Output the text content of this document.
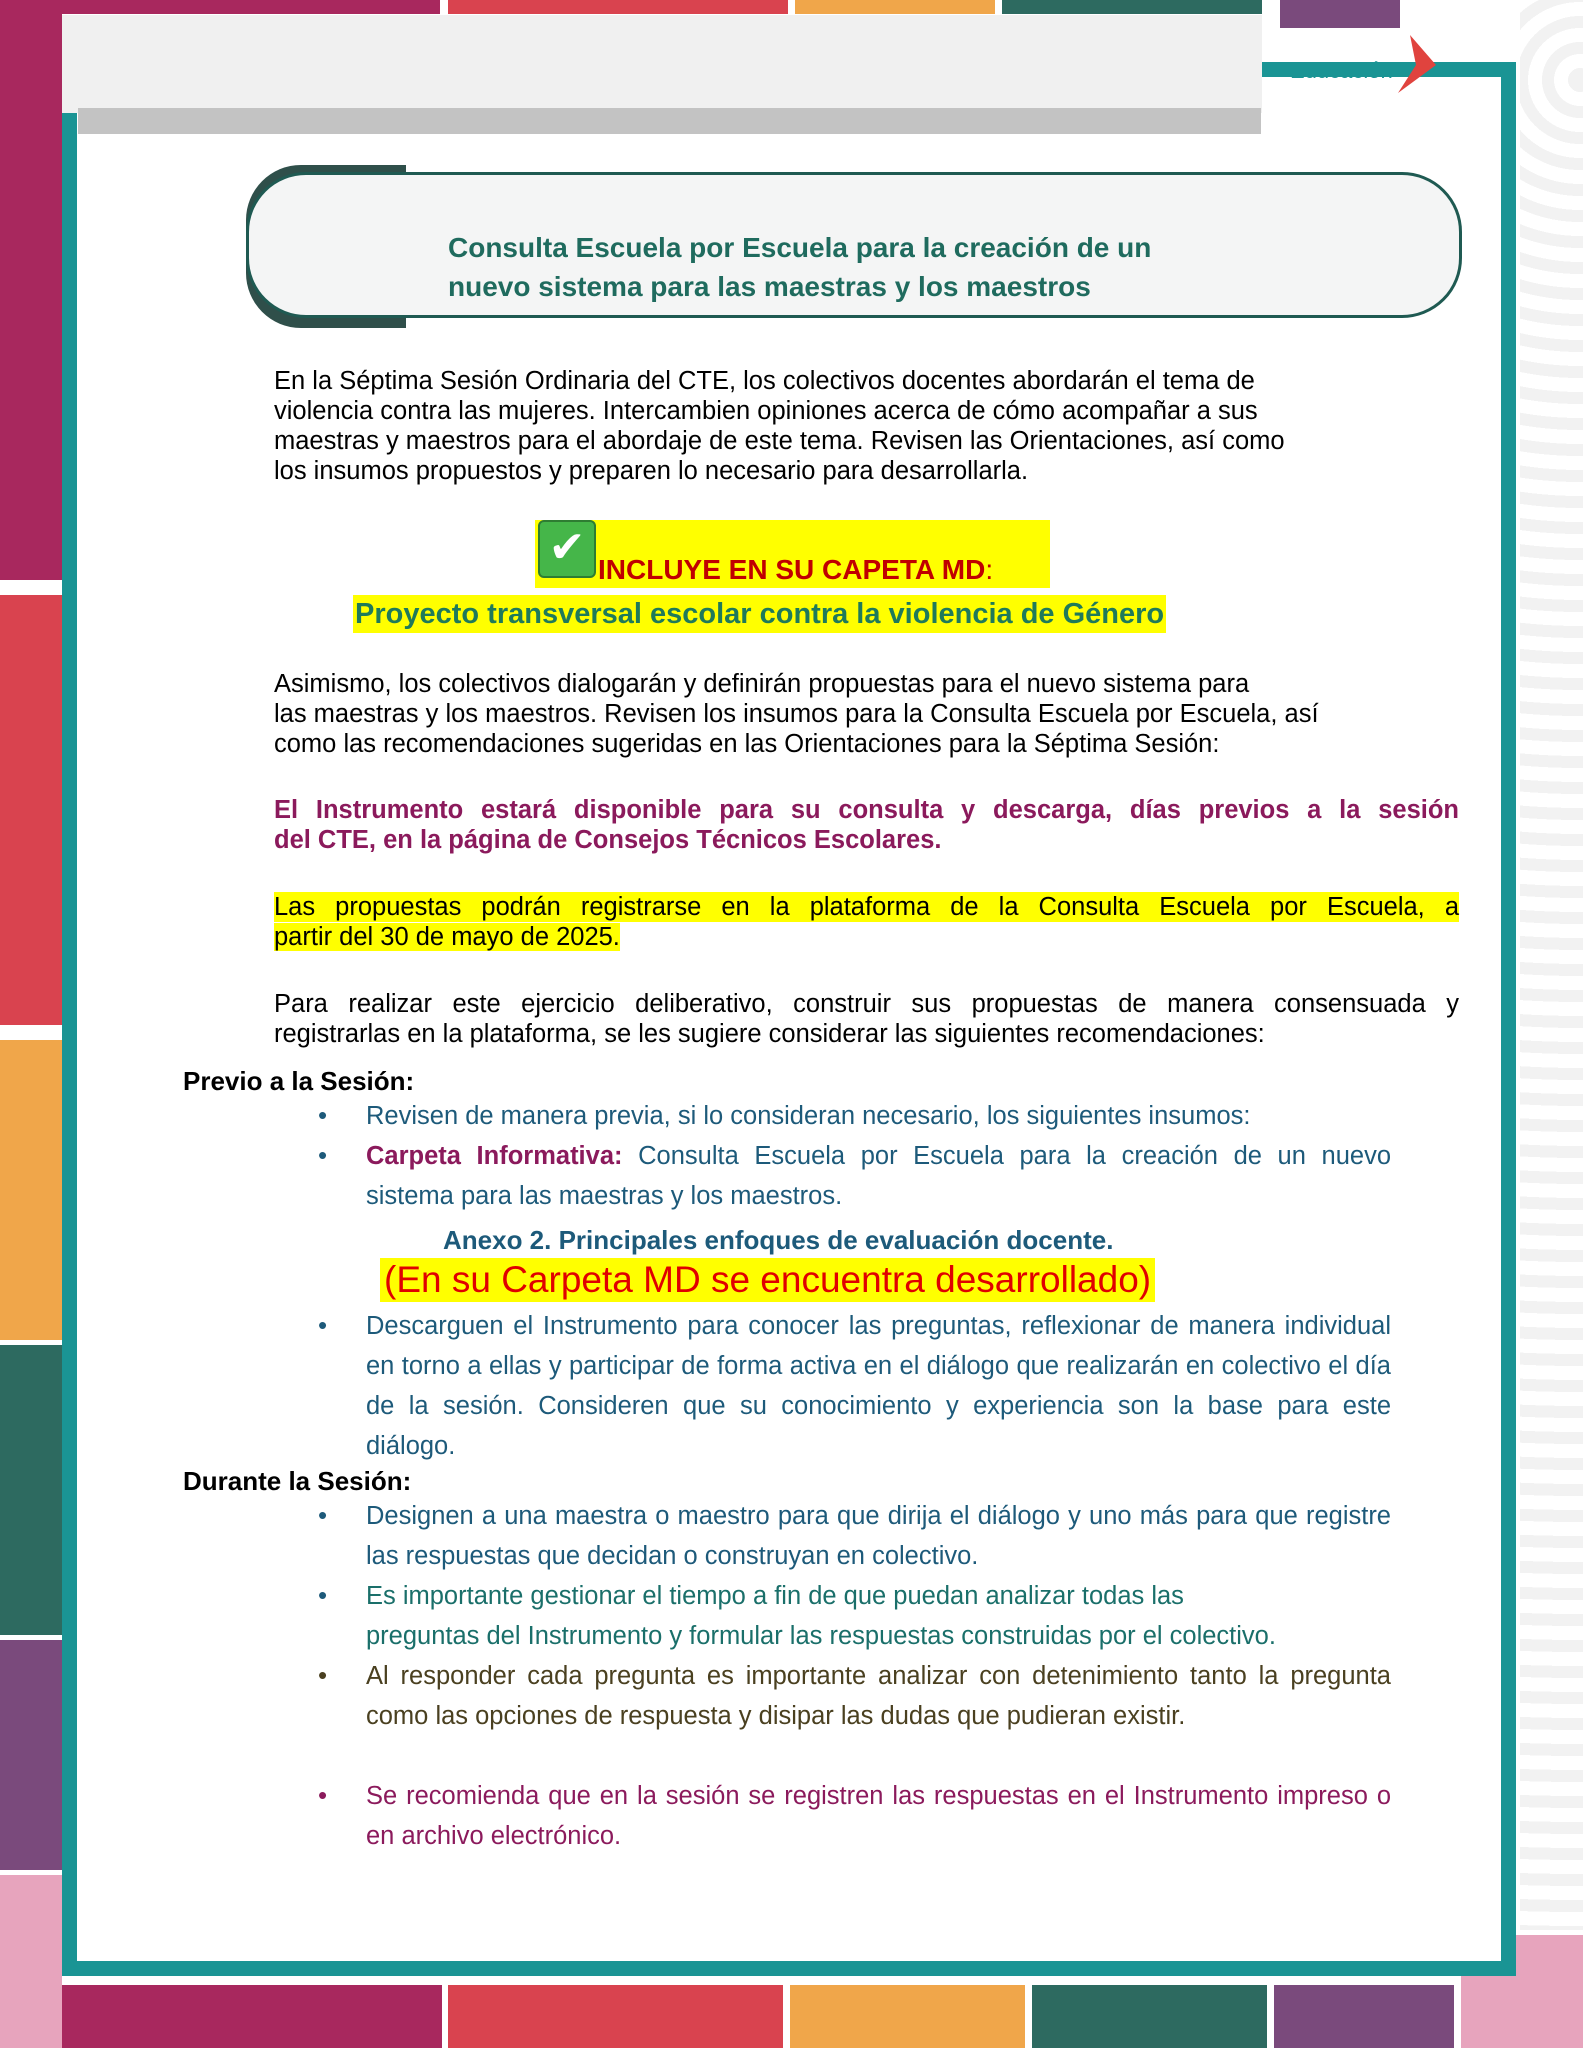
Educación
Consulta Escuela por Escuela para la creación de un
nuevo sistema para las maestras y los maestros
En la Séptima Sesión Ordinaria del CTE, los colectivos docentes abordarán el tema de
violencia contra las mujeres. Intercambien opiniones acerca de cómo acompañar a sus
maestras y maestros para el abordaje de este tema. Revisen las Orientaciones, así como
los insumos propuestos y preparen lo necesario para desarrollarla.
✔ INCLUYE EN SU CAPETA MD:
Proyecto transversal escolar contra la violencia de Género
Asimismo, los colectivos dialogarán y definirán propuestas para el nuevo sistema para
las maestras y los maestros. Revisen los insumos para la Consulta Escuela por Escuela, así
como las recomendaciones sugeridas en las Orientaciones para la Séptima Sesión:
El Instrumento estará disponible para su consulta y descarga, días previos a la sesión
del CTE, en la página de Consejos Técnicos Escolares.
Las propuestas podrán registrarse en la plataforma de la Consulta Escuela por Escuela, a
partir del 30 de mayo de 2025.
Para realizar este ejercicio deliberativo, construir sus propuestas de manera consensuada y
registrarlas en la plataforma, se les sugiere considerar las siguientes recomendaciones:
Previo a la Sesión:
•	Revisen de manera previa, si lo consideran necesario, los siguientes insumos:
•	Carpeta Informativa: Consulta Escuela por Escuela para la creación de un nuevo sistema para las maestras y los maestros.
Anexo 2. Principales enfoques de evaluación docente.
(En su Carpeta MD se encuentra desarrollado)
•	Descarguen el Instrumento para conocer las preguntas, reflexionar de manera individual en torno a ellas y participar de forma activa en el diálogo que realizarán en colectivo el día de la sesión. Consideren que su conocimiento y experiencia son la base para este diálogo.
Durante la Sesión:
•	Designen a una maestra o maestro para que dirija el diálogo y uno más para que registre las respuestas que decidan o construyan en colectivo.
•	Es importante gestionar el tiempo a fin de que puedan analizar todas las
preguntas del Instrumento y formular las respuestas construidas por el colectivo.
•	Al responder cada pregunta es importante analizar con detenimiento tanto la pregunta como las opciones de respuesta y disipar las dudas que pudieran existir.
•	Se recomienda que en la sesión se registren las respuestas en el Instrumento impreso o en archivo electrónico.
